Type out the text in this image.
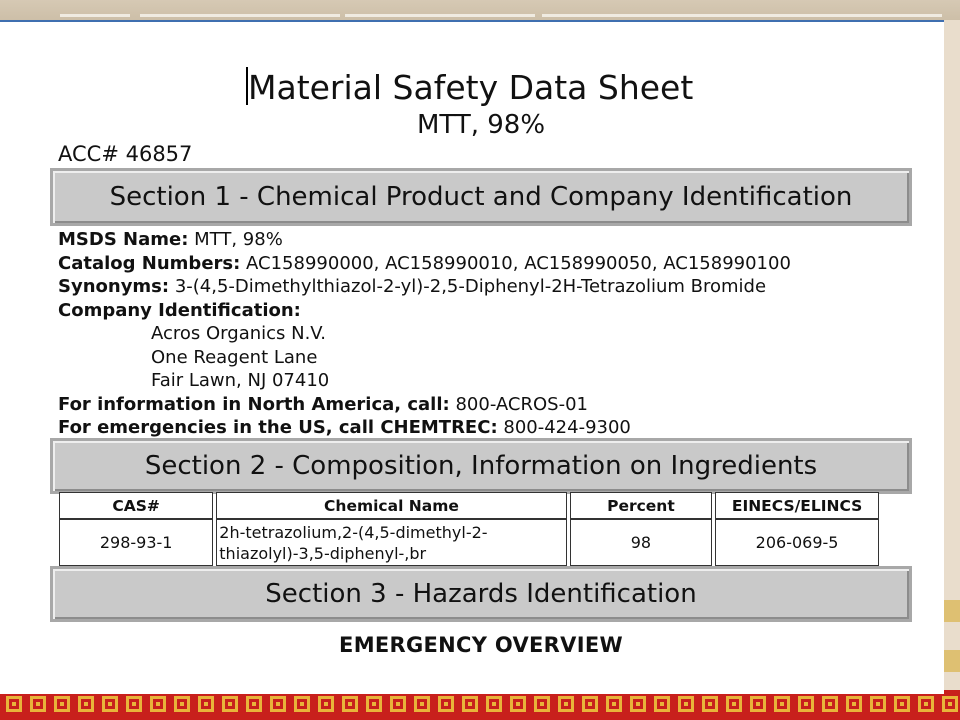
Material Safety Data Sheet
MTT, 98%
ACC# 46857
Section 1 - Chemical Product and Company Identification
MSDS Name: MTT, 98%
Catalog Numbers: AC158990000, AC158990010, AC158990050, AC158990100
Synonyms: 3-(4,5-Dimethylthiazol-2-yl)-2,5-Diphenyl-2H-Tetrazolium Bromide
Company Identification:
Acros Organics N.V.
One Reagent Lane
Fair Lawn, NJ 07410
For information in North America, call: 800-ACROS-01
For emergencies in the US, call CHEMTREC: 800-424-9300
Section 2 - Composition, Information on Ingredients
CAS#	Chemical Name	Percent	EINECS/ELINCS
298-93-1	2h-tetrazolium,2-(4,5-dimethyl-2-thiazolyl)-3,5-diphenyl-,br	98	206-069-5
Section 3 - Hazards Identification
EMERGENCY OVERVIEW
